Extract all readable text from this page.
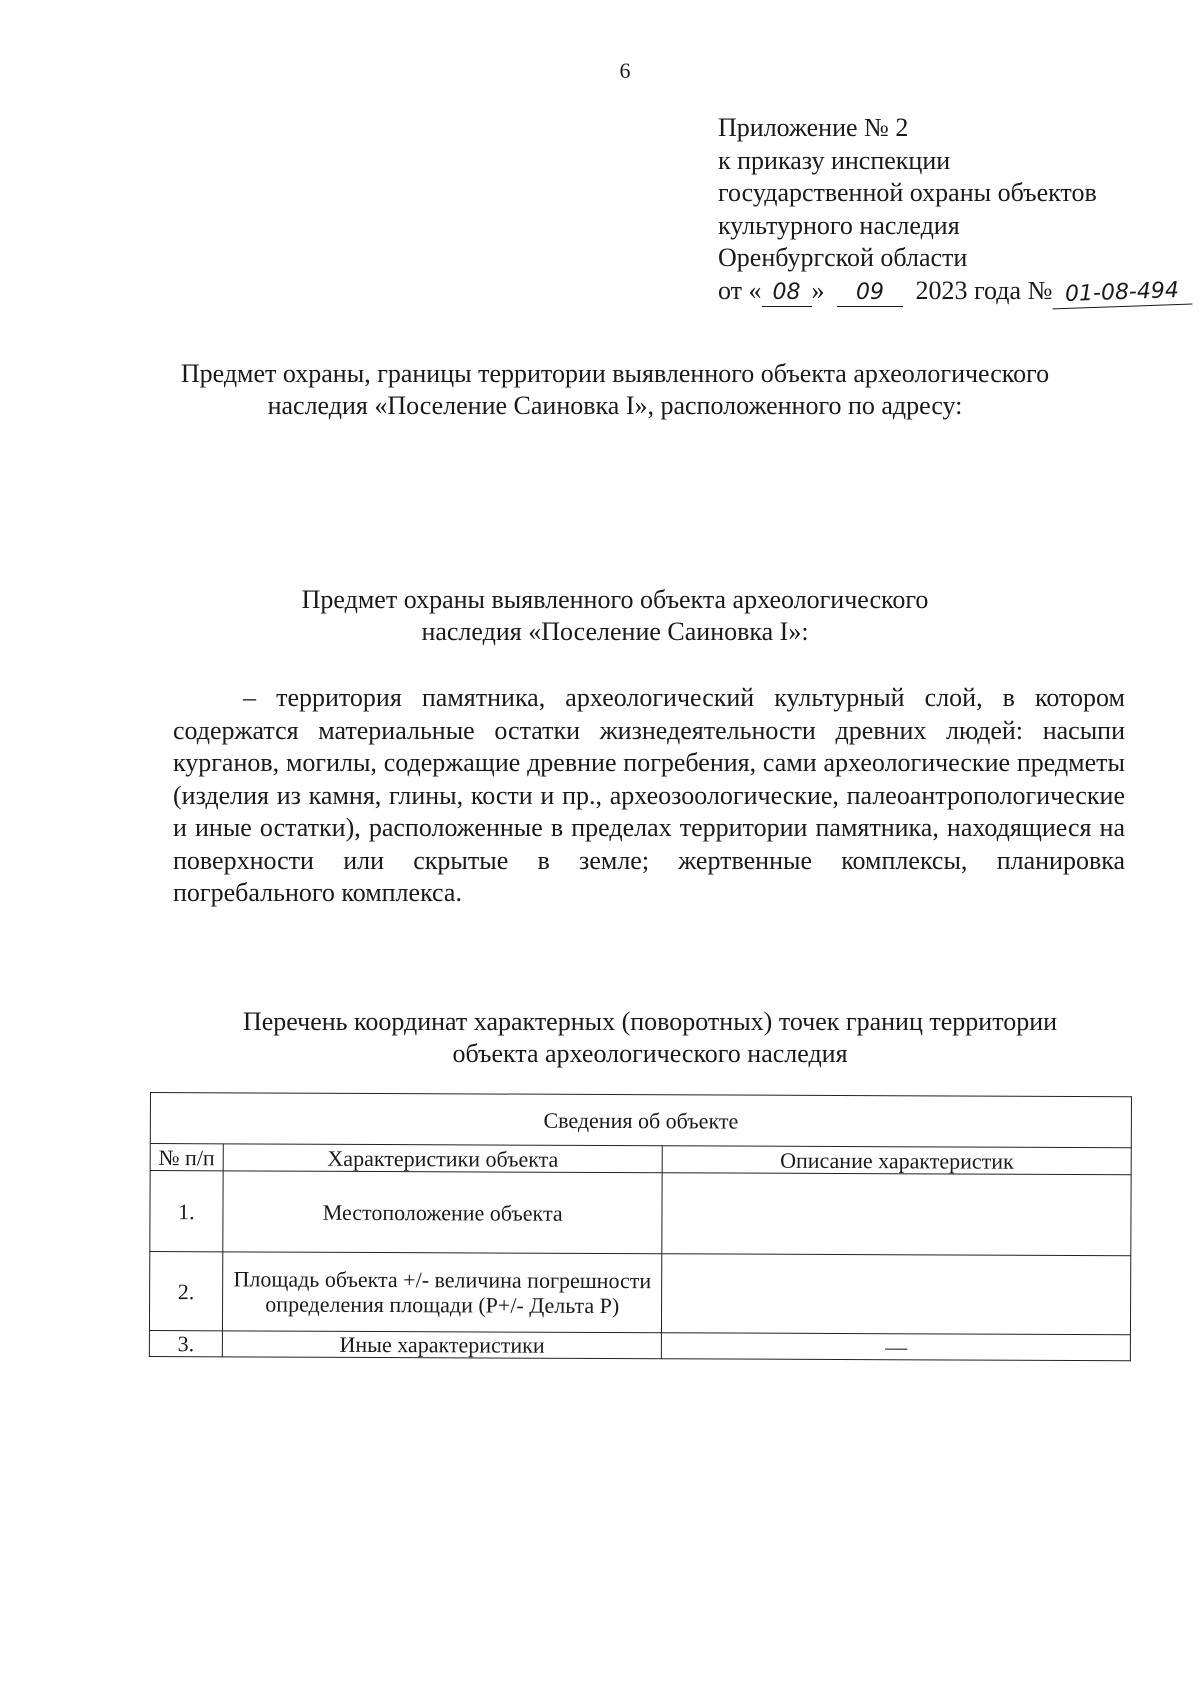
6
Приложение № 2
к приказу инспекции
государственной охраны объектов
культурного наследия
Оренбургской области
от « 08 » 09 2023 года № 01-08-494
Предмет охраны, границы территории выявленного объекта археологического наследия «Поселение Саиновка I», расположенного по адресу:
Предмет охраны выявленного объекта археологического
наследия «Поселение Саиновка I»:
– территория памятника, археологический культурный слой, в котором содержатся материальные остатки жизнедеятельности древних людей: насыпи курганов, могилы, содержащие древние погребения, сами археологические предметы (изделия из камня, глины, кости и пр., археозоологические, палеоантропологические и иные остатки), расположенные в пределах территории памятника, находящиеся на поверхности или скрытые в земле; жертвенные комплексы, планировка погребального комплекса.
Перечень координат характерных (поворотных) точек границ территории
объекта археологического наследия
Сведения об объекте		
№ п/п	Характеристики объекта	Описание характеристик
1.	Местоположение объекта	
2.	Площадь объекта +/- величина погрешности определения площади (P+/- Дельта P)	
3.	Иные характеристики	—
